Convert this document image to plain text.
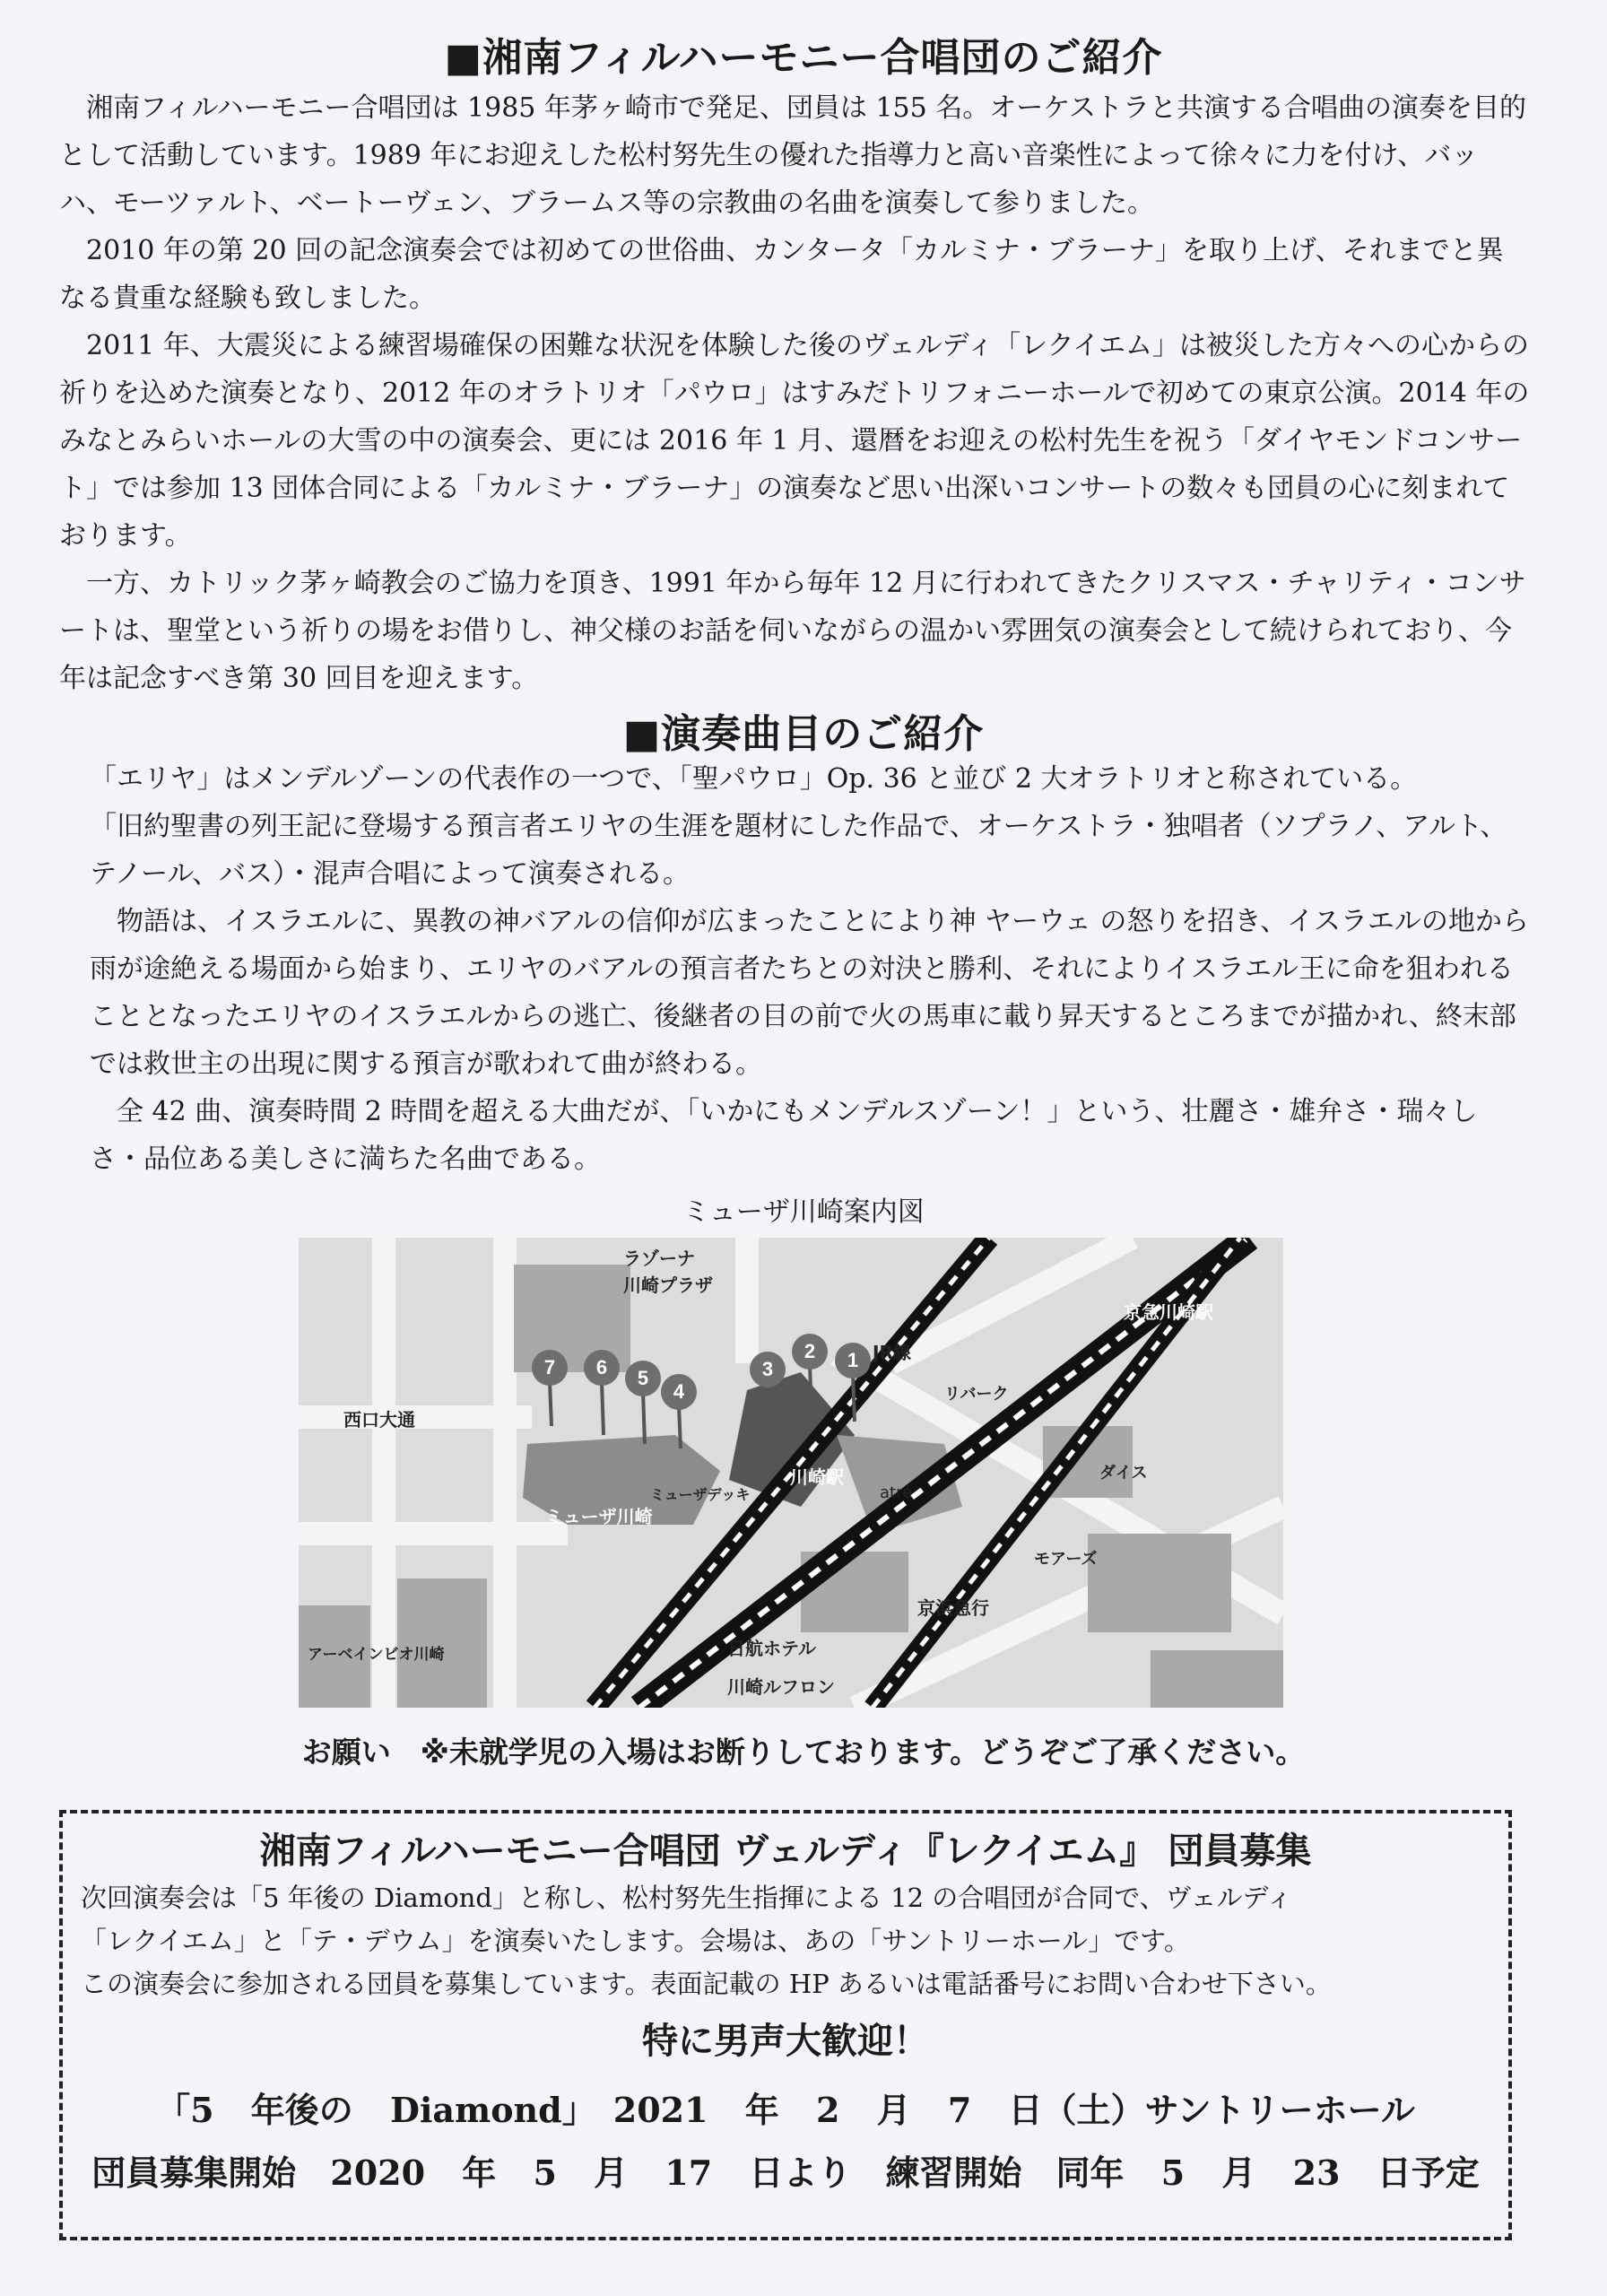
■湘南フィルハーモニー合唱団のご紹介

湘南フィルハーモニー合唱団は 1985 年茅ヶ崎市で発足、団員は 155 名。オーケストラと共演する合唱曲の演奏を目的として活動しています。1989 年にお迎えした松村努先生の優れた指導力と高い音楽性によって徐々に力を付け、バッハ、モーツァルト、ベートーヴェン、ブラームス等の宗教曲の名曲を演奏して参りました。

2010 年の第 20 回の記念演奏会では初めての世俗曲、カンタータ「カルミナ・ブラーナ」を取り上げ、それまでと異なる貴重な経験も致しました。

2011 年、大震災による練習場確保の困難な状況を体験した後のヴェルディ「レクイエム」は被災した方々への心からの祈りを込めた演奏となり、2012 年のオラトリオ「パウロ」はすみだトリフォニーホールで初めての東京公演。2014 年のみなとみらいホールの大雪の中の演奏会、更には 2016 年 1 月、還暦をお迎えの松村先生を祝う「ダイヤモンドコンサート」では参加 13 団体合同による「カルミナ・ブラーナ」の演奏など思い出深いコンサートの数々も団員の心に刻まれております。

一方、カトリック茅ヶ崎教会のご協力を頂き、1991 年から毎年 12 月に行われてきたクリスマス・チャリティ・コンサートは、聖堂という祈りの場をお借りし、神父様のお話を伺いながらの温かい雰囲気の演奏会として続けられており、今年は記念すべき第 30 回目を迎えます。

■演奏曲目のご紹介

「エリヤ」はメンデルゾーンの代表作の一つで、「聖パウロ」Op. 36 と並び 2 大オラトリオと称されている。

「旧約聖書の列王記に登場する預言者エリヤの生涯を題材にした作品で、オーケストラ・独唱者（ソプラノ、アルト、テノール、バス）・混声合唱によって演奏される。

物語は、イスラエルに、異教の神バアルの信仰が広まったことにより神 ヤーウェ の怒りを招き、イスラエルの地から雨が途絶える場面から始まり、エリヤのバアルの預言者たちとの対決と勝利、それによりイスラエル王に命を狙われることとなったエリヤのイスラエルからの逃亡、後継者の目の前で火の馬車に載り昇天するところまでが描かれ、終末部では救世主の出現に関する預言が歌われて曲が終わる。

全 42 曲、演奏時間 2 時間を超える大曲だが、「いかにもメンデルスゾーン！」という、壮麗さ・雄弁さ・瑞々しさ・品位ある美しさに満ちた名曲である。

ミューザ川崎案内図
7 6 5
4
3
2 1
ラゾーナ
川崎プラザ
西口大通
ミューザ川崎
ミューザデッキ
川崎駅
atré
JR線
リバーク
ダイス
モアーズ
京浜急行
京急川崎駅
アーベインビオ川崎	日航ホテル
川崎ルフロン
お願い　※未就学児の入場はお断りしております。どうぞご了承ください。
湘南フィルハーモニー合唱団 ヴェルディ『レクイエム』 団員募集

次回演奏会は「5 年後の Diamond」と称し、松村努先生指揮による 12 の合唱団が合同で、ヴェルディ

「レクイエム」と「テ・デウム」を演奏いたします。会場は、あの「サントリーホール」です。

この演奏会に参加される団員を募集しています。表面記載の HP あるいは電話番号にお問い合わせ下さい。

特に男声大歓迎！
「5 年後の Diamond」　2021 年 2 月 7 日（土）サントリーホール
団員募集開始　2020 年 5 月 17 日より　練習開始　同年 5 月 23 日予定
